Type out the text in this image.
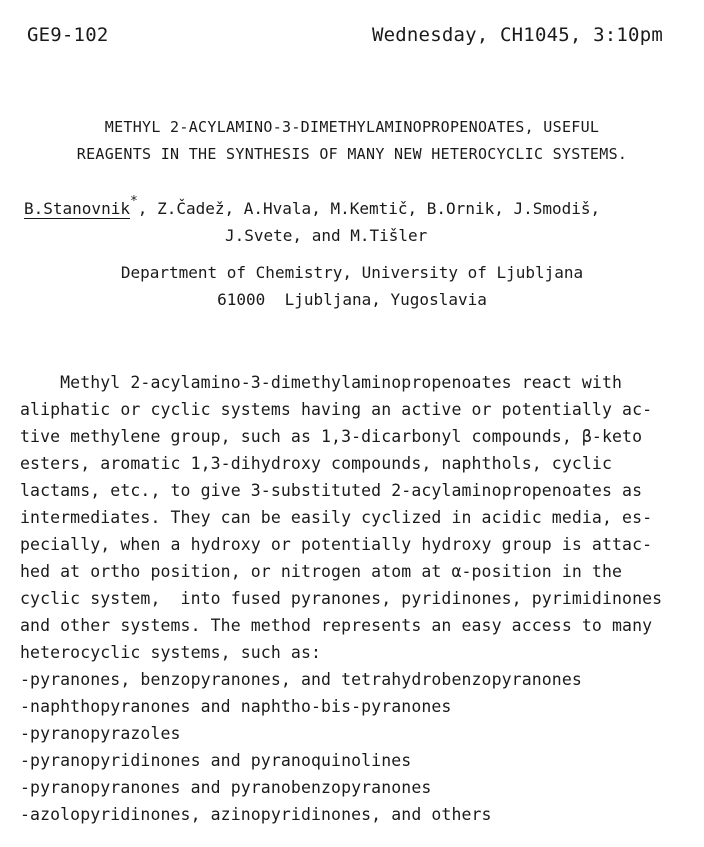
GE9-102	Wednesday, CH1045, 3:10pm
METHYL 2-ACYLAMINO-3-DIMETHYLAMINOPROPENOATES, USEFUL
REAGENTS IN THE SYNTHESIS OF MANY NEW HETEROCYCLIC SYSTEMS.
B.Stanovnik*, Z.Čadež, A.Hvala, M.Kemtič, B.Ornik, J.Smodiš,
J.Svete, and M.Tišler
Department of Chemistry, University of Ljubljana
61000  Ljubljana, Yugoslavia
Methyl 2-acylamino-3-dimethylaminopropenoates react with
aliphatic or cyclic systems having an active or potentially ac-
tive methylene group, such as 1,3-dicarbonyl compounds, β-keto
esters, aromatic 1,3-dihydroxy compounds, naphthols, cyclic
lactams, etc., to give 3-substituted 2-acylaminopropenoates as
intermediates. They can be easily cyclized in acidic media, es-
pecially, when a hydroxy or potentially hydroxy group is attac-
hed at ortho position, or nitrogen atom at α-position in the
cyclic system,  into fused pyranones, pyridinones, pyrimidinones
and other systems. The method represents an easy access to many
heterocyclic systems, such as:
-pyranones, benzopyranones, and tetrahydrobenzopyranones
-naphthopyranones and naphtho-bis-pyranones
-pyranopyrazoles
-pyranopyridinones and pyranoquinolines
-pyranopyranones and pyranobenzopyranones
-azolopyridinones, azinopyridinones, and others
